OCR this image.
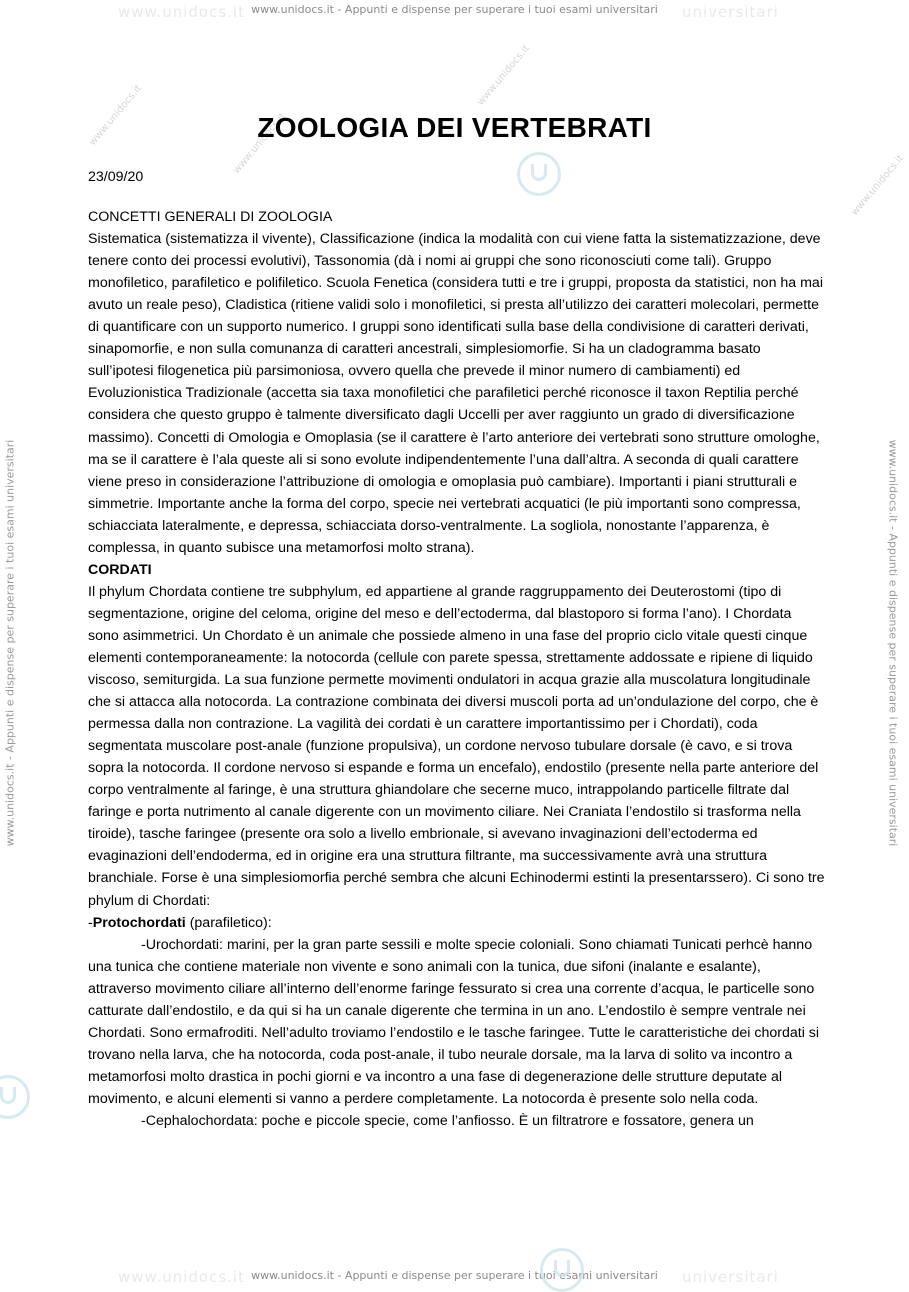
www.unidocs.it - Appunti e dispense per superare i tuoi esami universitari
www.unidocs.it	universitari
www.unidocs.it - Appunti e dispense per superare i tuoi esami universitari
www.unidocs.it	universitari
www.unidocs.it - Appunti e dispense per superare i tuoi esami universitari	www.unidocs.it - Appunti e dispense per superare i tuoi esami universitari
www.unidocs.it	www.unidocs.it
www.unidocs.it
www.unidocs.it
ZOOLOGIA DEI VERTEBRATI

23/09/20

CONCETTI GENERALI DI ZOOLOGIA

Sistematica (sistematizza il vivente), Classificazione (indica la modalità con cui viene fatta la sistematizzazione, deve tenere conto dei processi evolutivi), Tassonomia (dà i nomi ai gruppi che sono riconosciuti come tali). Gruppo monofiletico, parafiletico e polifiletico. Scuola Fenetica (considera tutti e tre i gruppi, proposta da statistici, non ha mai avuto un reale peso), Cladistica (ritiene validi solo i monofiletici, si presta all’utilizzo dei caratteri molecolari, permette di quantificare con un supporto numerico. I gruppi sono identificati sulla base della condivisione di caratteri derivati, sinapomorfie, e non sulla comunanza di caratteri ancestrali, simplesiomorfie. Si ha un cladogramma basato sull’ipotesi filogenetica più parsimoniosa, ovvero quella che prevede il minor numero di cambiamenti) ed Evoluzionistica Tradizionale (accetta sia taxa monofiletici che parafiletici perché riconosce il taxon Reptilia perché considera che questo gruppo è talmente diversificato dagli Uccelli per aver raggiunto un grado di diversificazione massimo). Concetti di Omologia e Omoplasia (se il carattere è l’arto anteriore dei vertebrati sono strutture omologhe, ma se il carattere è l’ala queste ali si sono evolute indipendentemente l’una dall’altra. A seconda di quali carattere viene preso in considerazione l’attribuzione di omologia e omoplasia può cambiare). Importanti i piani strutturali e simmetrie. Importante anche la forma del corpo, specie nei vertebrati acquatici (le più importanti sono compressa, schiacciata lateralmente, e depressa, schiacciata dorso-ventralmente. La sogliola, nonostante l’apparenza, è complessa, in quanto subisce una metamorfosi molto strana).

CORDATI

Il phylum Chordata contiene tre subphylum, ed appartiene al grande raggruppamento dei Deuterostomi (tipo di segmentazione, origine del celoma, origine del meso e dell’ectoderma, dal blastoporo si forma l’ano). I Chordata sono asimmetrici. Un Chordato è un animale che possiede almeno in una fase del proprio ciclo vitale questi cinque elementi contemporaneamente: la notocorda (cellule con parete spessa, strettamente addossate e ripiene di liquido viscoso, semiturgida. La sua funzione permette movimenti ondulatori in acqua grazie alla muscolatura longitudinale che si attacca alla notocorda. La contrazione combinata dei diversi muscoli porta ad un’ondulazione del corpo, che è permessa dalla non contrazione. La vagilità dei cordati è un carattere importantissimo per i Chordati), coda segmentata muscolare post-anale (funzione propulsiva), un cordone nervoso tubulare dorsale (è cavo, e si trova sopra la notocorda. Il cordone nervoso si espande e forma un encefalo), endostilo (presente nella parte anteriore del corpo ventralmente al faringe, è una struttura ghiandolare che secerne muco, intrappolando particelle filtrate dal faringe e porta nutrimento al canale digerente con un movimento ciliare. Nei Craniata l’endostilo si trasforma nella tiroide), tasche faringee (presente ora solo a livello embrionale, si avevano invaginazioni dell’ectoderma ed evaginazioni dell’endoderma, ed in origine era una struttura filtrante, ma successivamente avrà una struttura branchiale. Forse è una simplesiomorfia perché sembra che alcuni Echinodermi estinti la presentarssero). Ci sono tre phylum di Chordati:

-Protochordati (parafiletico):

-Urochordati: marini, per la gran parte sessili e molte specie coloniali. Sono chiamati Tunicati perhcè hanno una tunica che contiene materiale non vivente e sono animali con la tunica, due sifoni (inalante e esalante), attraverso movimento ciliare all’interno dell’enorme faringe fessurato si crea una corrente d’acqua, le particelle sono catturate dall’endostilo, e da qui si ha un canale digerente che termina in un ano. L’endostilo è sempre ventrale nei Chordati. Sono ermafroditi. Nell’adulto troviamo l’endostilo e le tasche faringee. Tutte le caratteristiche dei chordati si trovano nella larva, che ha notocorda, coda post-anale, il tubo neurale dorsale, ma la larva di solito va incontro a metamorfosi molto drastica in pochi giorni e va incontro a una fase di degenerazione delle strutture deputate al movimento, e alcuni elementi si vanno a perdere completamente. La notocorda è presente solo nella coda.

-Cephalochordata: poche e piccole specie, come l’anfiosso. È un filtratrore e fossatore, genera un
